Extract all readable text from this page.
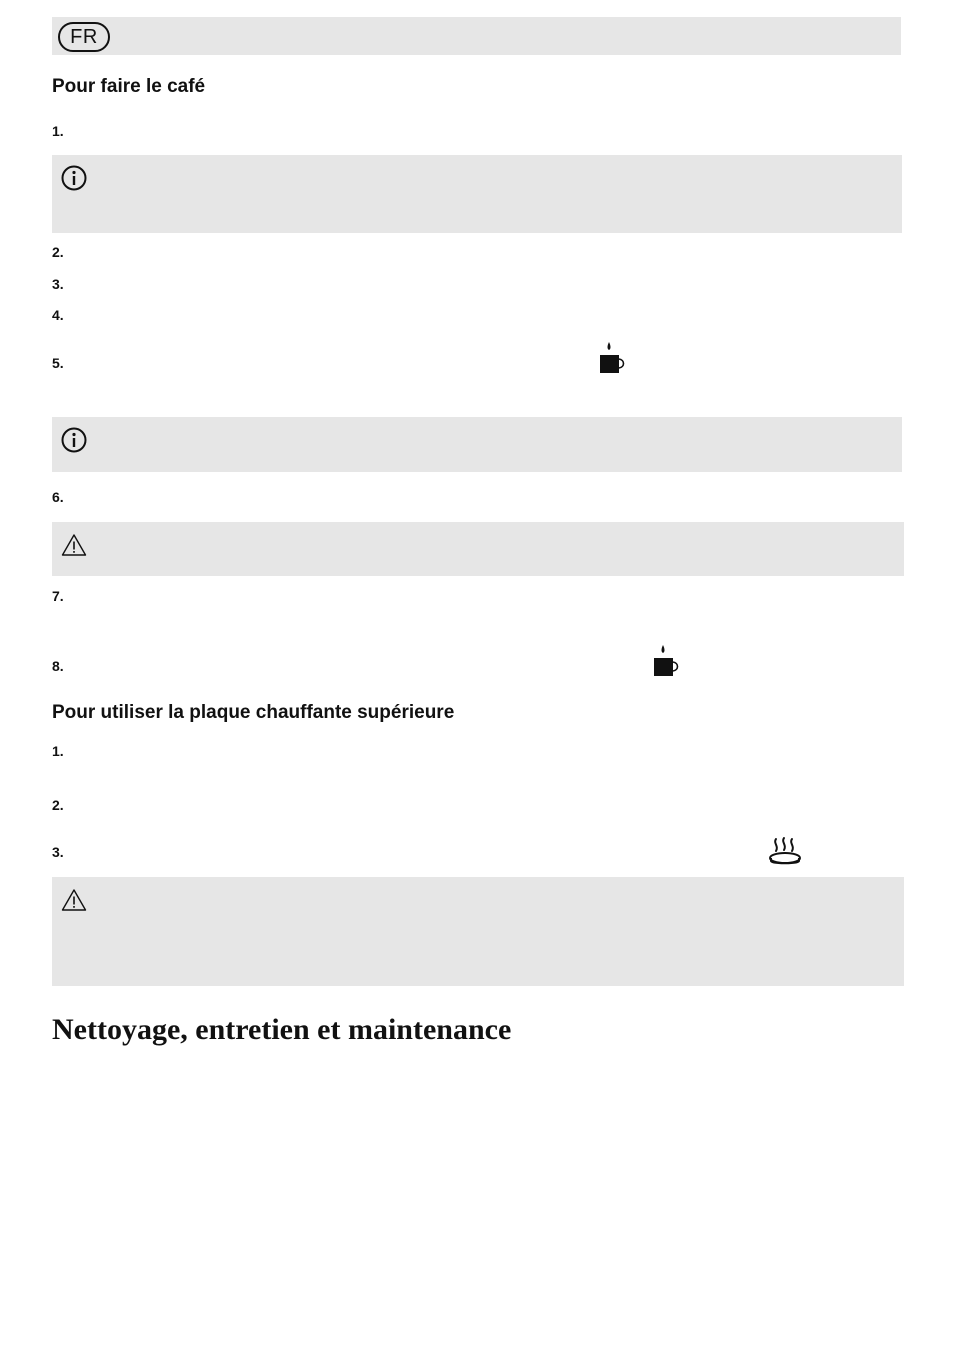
FR
Pour faire le café
1.
2.
3.
4.
5.
6.
7.
8.
Pour utiliser la plaque chauffante supérieure
1.
2.
3.
Nettoyage, entretien et maintenance
